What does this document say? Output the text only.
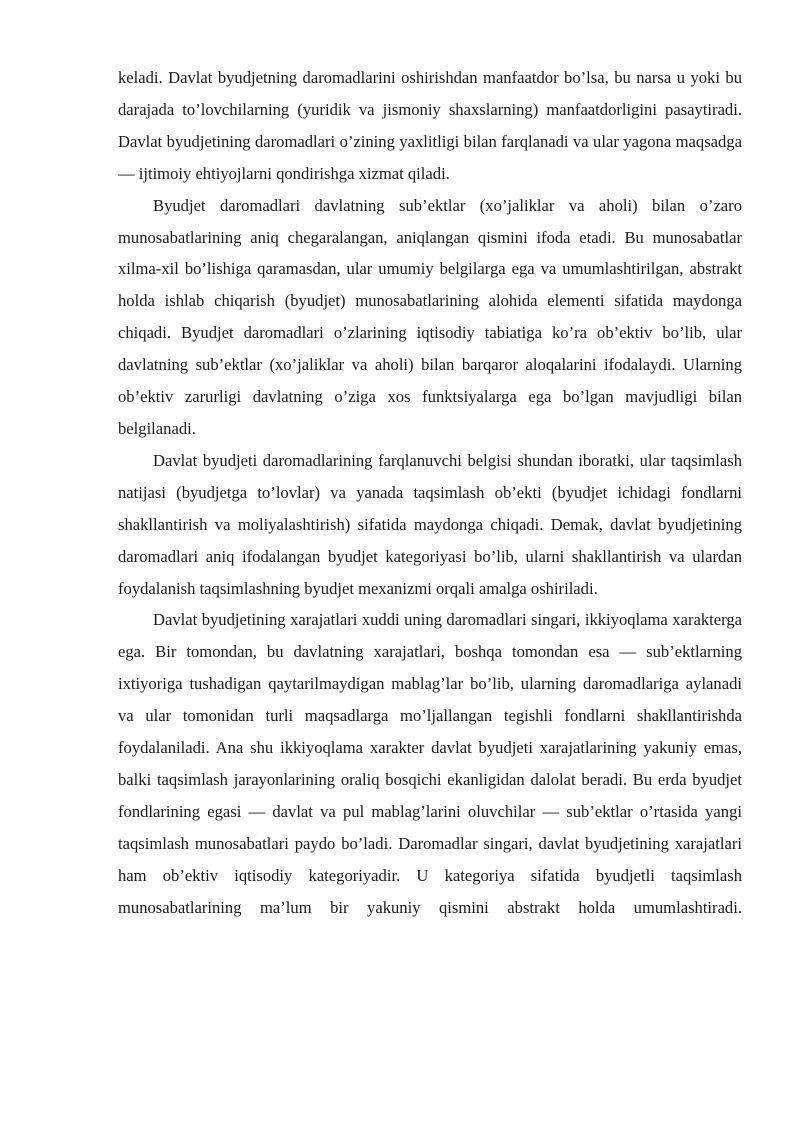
keladi. Davlat byudjetning daromadlarini oshirishdan manfaatdor bo’lsa, bu narsa u yoki bu darajada to’lovchilarning (yuridik va jismoniy shaxslarning) manfaatdorligini pasaytiradi. Davlat byudjetining daromadlari o’zining yaxlitligi bilan farqlanadi va ular yagona maqsadga — ijtimoiy ehtiyojlarni qondirishga xizmat qiladi.

Byudjet daromadlari davlatning sub’ektlar (xo’jaliklar va aholi) bilan o’zaro munosabatlarining aniq chegaralangan, aniqlangan qismini ifoda etadi. Bu munosabatlar xilma-xil bo’lishiga qaramasdan, ular umumiy belgilarga ega va umumlashtirilgan, abstrakt holda ishlab chiqarish (byudjet) munosabatlarining alohida elementi sifatida maydonga chiqadi. Byudjet daromadlari o’zlarining iqtisodiy tabiatiga ko’ra ob’ektiv bo’lib, ular davlatning sub’ektlar (xo’jaliklar va aholi) bilan barqaror aloqalarini ifodalaydi. Ularning ob’ektiv zarurligi davlatning o’ziga xos funktsiyalarga ega bo’lgan mavjudligi bilan belgilanadi.

Davlat byudjeti daromadlarining farqlanuvchi belgisi shundan iboratki, ular taqsimlash natijasi (byudjetga to’lovlar) va yanada taqsimlash ob’ekti (byudjet ichidagi fondlarni shakllantirish va moliyalashtirish) sifatida maydonga chiqadi. Demak, davlat byudjetining daromadlari aniq ifodalangan byudjet kategoriyasi bo’lib, ularni shakllantirish va ulardan foydalanish taqsimlashning byudjet mexanizmi orqali amalga oshiriladi.

Davlat byudjetining xarajatlari xuddi uning daromadlari singari, ikkiyoqlama xarakterga ega. Bir tomondan, bu davlatning xarajatlari, boshqa tomondan esa — sub’ektlarning ixtiyoriga tushadigan qaytarilmaydigan mablag’lar bo’lib, ularning daromadlariga aylanadi va ular tomonidan turli maqsadlarga mo’ljallangan tegishli fondlarni shakllantirishda foydalaniladi. Ana shu ikkiyoqlama xarakter davlat byudjeti xarajatlarining yakuniy emas, balki taqsimlash jarayonlarining oraliq bosqichi ekanligidan dalolat beradi. Bu erda byudjet fondlarining egasi — davlat va pul mablag’larini oluvchilar — sub’ektlar o’rtasida yangi taqsimlash munosabatlari paydo bo’ladi. Daromadlar singari, davlat byudjetining xarajatlari ham ob’ektiv iqtisodiy kategoriyadir. U kategoriya sifatida byudjetli taqsimlash munosabatlarining ma’lum bir yakuniy qismini abstrakt holda umumlashtiradi.
